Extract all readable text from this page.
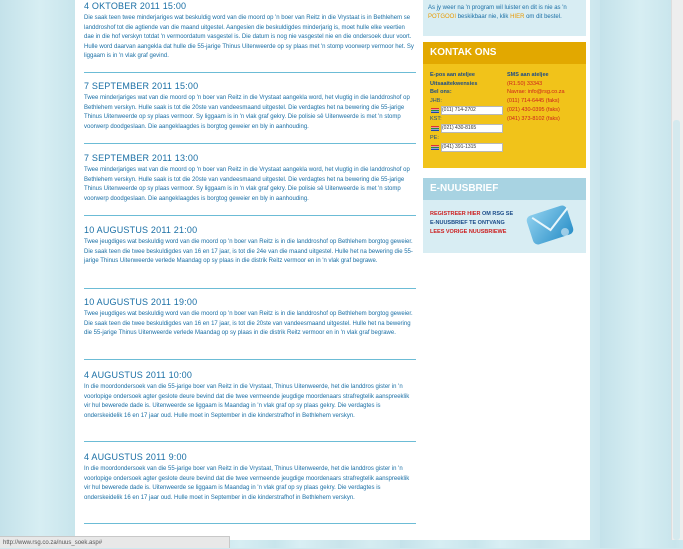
4 OKTOBER 2011 15:00

Die saak teen twee minderjariges wat beskuldig word van die moord op 'n boer van Reitz in die Vrystaat is in Bethlehem se landdroshof tot die agtiende van die maand uitgestel. Aangesien die beskuldigdes minderjarig is, moet hulle elke veertien dae in die hof verskyn totdat 'n vermoordatum vasgestel is. Die datum is nog nie vasgestel nie en die ondersoek duur voort. Hulle word daarvan aangekla dat hulle die 55-jarige Thinus Uitenweerde op sy plaas met 'n stomp voorwerp vermoor het. Sy liggaam is in 'n vlak graf gevind.

7 SEPTEMBER 2011 15:00

Twee minderjariges wat van die moord op 'n boer van Reitz in die Vrystaat aangekla word, het vlugtig in die landdroshof op Bethlehem verskyn. Hulle saak is tot die 20ste van vandeesmaand uitgestel. Die verdagtes het na bewering die 55-jarige Thinus Uitenweerde op sy plaas vermoor. Sy liggaam is in 'n vlak graf gekry. Die polisie sê Uitenweerde is met 'n stomp voorwerp doodgeslaan. Die aangeklaagdes is borgtog geweier en bly in aanhouding.

7 SEPTEMBER 2011 13:00

Twee minderjariges wat van die moord op 'n boer van Reitz in die Vrystaat aangekla word, het vlugtig in die landdroshof op Bethlehem verskyn. Hulle saak is tot die 20ste van vandeesmaand uitgestel. Die verdagtes het na bewering die 55-jarige Thinus Uitenweerde op sy plaas vermoor. Sy liggaam is in 'n vlak graf gekry. Die polisie sê Uitenweerde is met 'n stomp voorwerp doodgeslaan. Die aangeklaagdes is borgtog geweier en bly in aanhouding.

10 AUGUSTUS 2011 21:00

Twee jeugdiges wat beskuldig word van die moord op 'n boer van Reitz is in die landdroshof op Bethlehem borgtog geweier. Die saak teen die twee beskuldigdes van 16 en 17 jaar, is tot die 24e van die maand uitgestel. Hulle het na bewering die 55-jarige Thinus Uitenweerde verlede Maandag op sy plaas in die distrik Reitz vermoor en in 'n vlak graf begrawe.

10 AUGUSTUS 2011 19:00

Twee jeugdiges wat beskuldig word van die moord op 'n boer van Reitz is in die landdroshof op Bethlehem borgtog geweier. Die saak teen die twee beskuldigdes van 16 en 17 jaar, is tot die 20ste van vandeesmaand uitgestel. Hulle het na bewering die 55-jarige Thinus Uitenweerde verlede Maandag op sy plaas in die distrik Reitz vermoor en in 'n vlak graf begrawe.

4 AUGUSTUS 2011 10:00

In die moordondersoek van die 55-jarige boer van Reitz in die Vrystaat, Thinus Uitenweerde, het die landdros gister in 'n voorlopige ondersoek agter geslote deure bevind dat die twee vermeende jeugdige moordenaars strafregtelik aanspreeklik vir hul bewerede dade is. Uitenweerde se liggaam is Maandag in 'n vlak graf op sy plaas gekry. Die verdagtes is onderskeidelik 16 en 17 jaar oud. Hulle moet in September in die kinderstrafhof in Bethlehem verskyn.

4 AUGUSTUS 2011 9:00

In die moordondersoek van die 55-jarige boer van Reitz in die Vrystaat, Thinus Uitenweerde, het die landdros gister in 'n voorlopige ondersoek agter geslote deure bevind dat die twee vermeende jeugdige moordenaars strafregtelik aanspreeklik vir hul bewerede dade is. Uitenweerde se liggaam is Maandag in 'n vlak graf op sy plaas gekry. Die verdagtes is onderskeidelik 16 en 17 jaar oud. Hulle moet in September in die kinderstrafhof in Bethlehem verskyn.

As jy weer na 'n program wil luister en dit is nie as 'n POTGOOI beskikbaar nie, klik HIER om dit bestel.
KONTAK ONS
E-pos aan ateljee
Uitsaaitekwensies
Bel ons:
JHB:
(011) 714-2702
KST:
(021) 430-8165
PE:
(041) 391-1315
SMS aan ateljee
(R1.50) 33343
Navrae: info@rsg.co.za
(011) 714-6445 (faks)
(021) 430-0395 (faks)
(041) 373-8102 (faks)
E-NUUSBRIEF
REGISTREER HIER OM RSG SE
E-NUUSBRIEF TE ONTVANG
LEES VORIGE NUUSBRIEWE
http://www.rsg.co.za/nuus_soek.asp#
